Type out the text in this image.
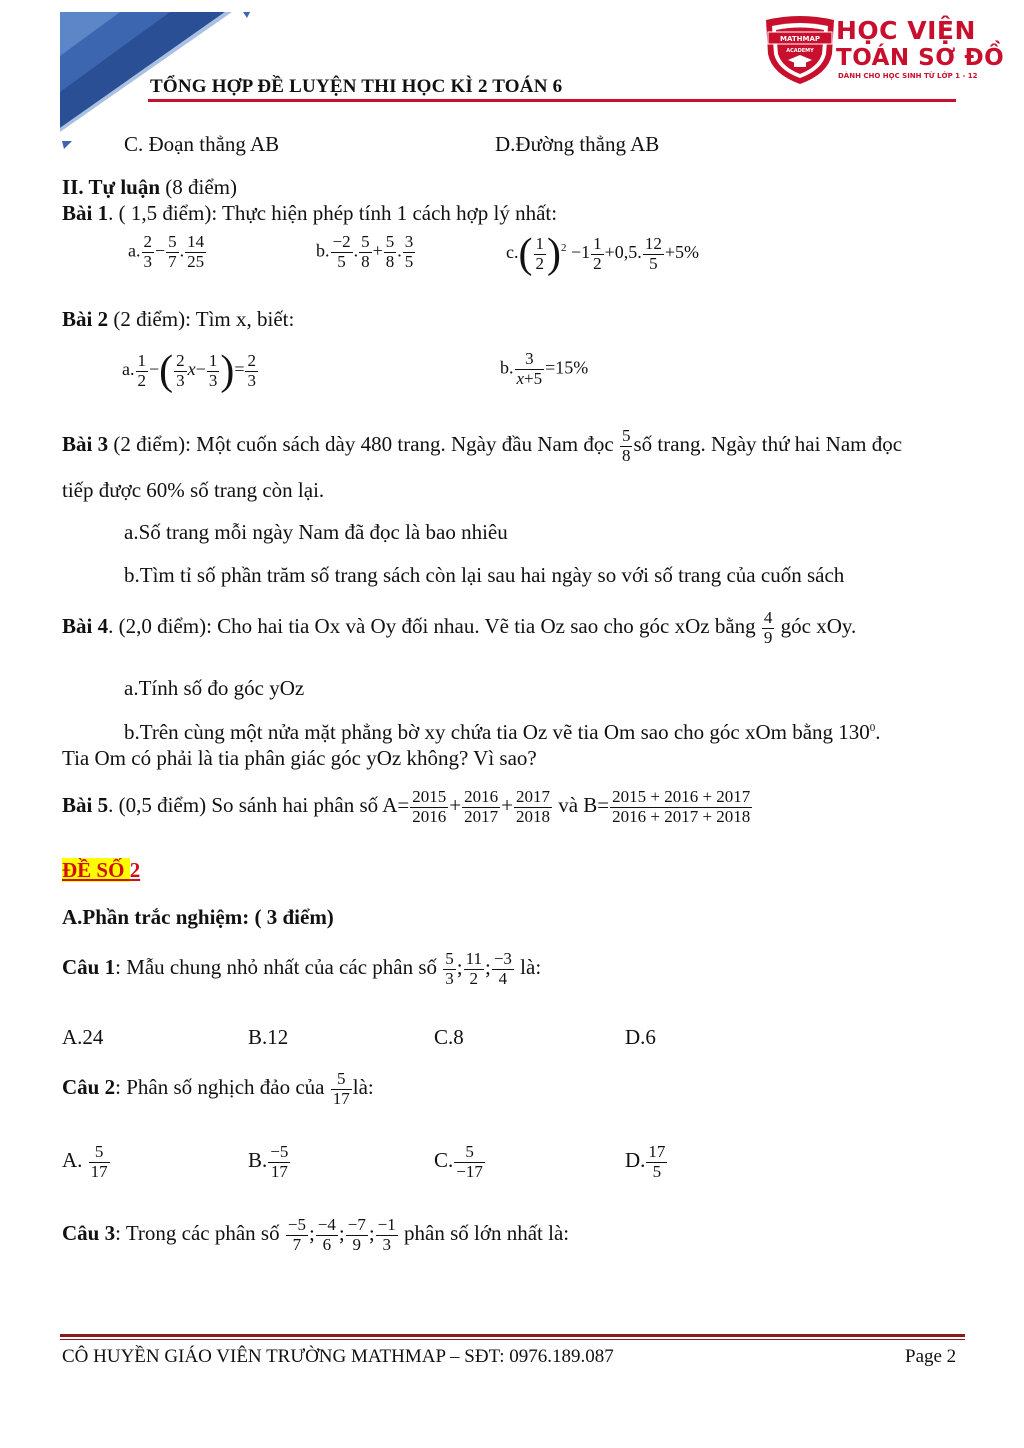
TỔNG HỢP ĐỀ LUYỆN THI HỌC KÌ 2 TOÁN 6
MATHMAP
ACADEMY
HỌC VIỆN
TOÁN SƠ ĐỒ
DÀNH CHO HỌC SINH TỪ LỚP 1 - 12
C. Đoạn thẳng AB	D.Đường thẳng AB
II. Tự luận (8 điểm)
Bài 1. ( 1,5 điểm): Thực hiện phép tính 1 cách hợp lý nhất:
a. $\frac{2}{3} - \frac{5}{7}$ . $\frac{14}{25}$	b. $\frac{-2}{5}$ . $\frac{5}{8} + \frac{5}{8}$ . $\frac{3}{5}$	$c.( \frac{1}{2} )^2 -1 \frac{1}{2} +0,5$. $\frac{12}{5} +5\%$
Bài 2 (2 điểm): Tìm x, biết:
a. $\frac{1}{2}$ −( $\frac{2}{3} x- \frac{1}{3}$ )= $\frac{2}{3}$	b. $\frac{3}{x+5} =15\%$
Bài 3 (2 điểm): Một cuốn sách dày 480 trang. Ngày đầu Nam đọc $\frac{5}{8}$ số trang. Ngày thứ hai Nam đọc
tiếp được 60% số trang còn lại.
a.Số trang mỗi ngày Nam đã đọc là bao nhiêu
b.Tìm tỉ số phần trăm số trang sách còn lại sau hai ngày so với số trang của cuốn sách
Bài 4. (2,0 điểm): Cho hai tia Ox và Oy đối nhau. Vẽ tia Oz sao cho góc xOz bằng $\frac{4}{9}$ góc xOy.
a.Tính số đo góc yOz
b.Trên cùng một nửa mặt phẳng bờ xy chứa tia Oz vẽ tia Om sao cho góc xOm bằng $130^0$.
Tia Om có phải là tia phân giác góc yOz không? Vì sao?
Bài 5. (0,5 điểm) So sánh hai phân số $A= \frac{2015}{2016} + \frac{2016}{2017} + \frac{2017}{2018}$ và $B= \frac{2015 + 2016 + 2017}{2016 + 2017 + 2018}$
ĐỀ SỐ 2
A.Phần trắc nghiệm: ( 3 điểm)
Câu 1: Mẫu chung nhỏ nhất của các phân số $\frac{5}{3}$ ; $\frac{11}{2}$ ; $\frac{-3}{4}$ là:
A.24	B.12	C.8	D.6
Câu 2: Phân số nghịch đảo của $\frac{5}{17}$ là:
A. $\frac{5}{17}$	B. $\frac{-5}{17}$	C. $\frac{5}{-17}$	D. $\frac{17}{5}$
Câu 3: Trong các phân số $\frac{-5}{7}$ ; $\frac{-4}{6}$ ; $\frac{-7}{9}$ ; $\frac{-1}{3}$ phân số lớn nhất là:
CÔ HUYỀN GIÁO VIÊN TRƯỜNG MATHMAP – SĐT: 0976.189.087	Page 2
